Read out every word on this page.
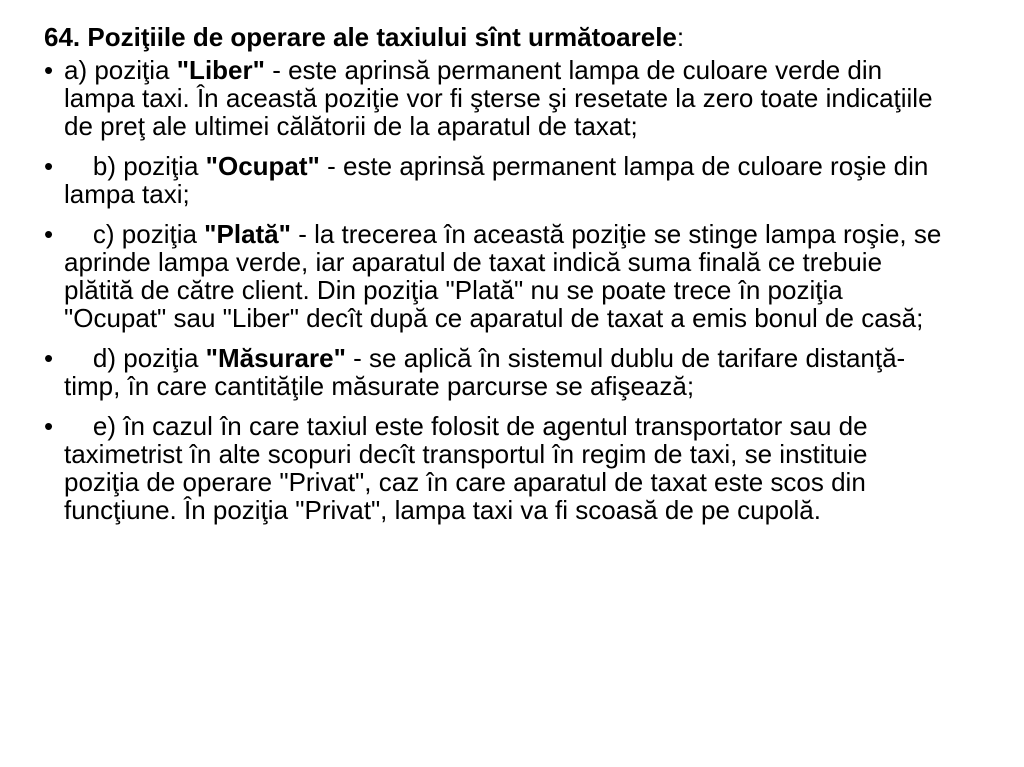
64. Poziţiile de operare ale taxiului sînt următoarele:
• a) poziţia "Liber" - este aprinsă permanent lampa de culoare verde din lampa taxi. În această poziţie vor fi şterse şi resetate la zero toate indicaţiile de preţ ale ultimei călătorii de la aparatul de taxat;
• b) poziţia "Ocupat" - este aprinsă permanent lampa de culoare roşie din lampa taxi;
• c) poziţia "Plată" - la trecerea în această poziţie se stinge lampa roşie, se aprinde lampa verde, iar aparatul de taxat indică suma finală ce trebuie plătită de către client. Din poziţia "Plată" nu se poate trece în poziţia "Ocupat" sau "Liber" decît după ce aparatul de taxat a emis bonul de casă;
• d) poziţia "Măsurare" - se aplică în sistemul dublu de tarifare distanţă-timp, în care cantităţile măsurate parcurse se afişează;
• e) în cazul în care taxiul este folosit de agentul transportator sau de taximetrist în alte scopuri decît transportul în regim de taxi, se instituie poziţia de operare "Privat", caz în care aparatul de taxat este scos din funcţiune. În poziţia "Privat", lampa taxi va fi scoasă de pe cupolă.
